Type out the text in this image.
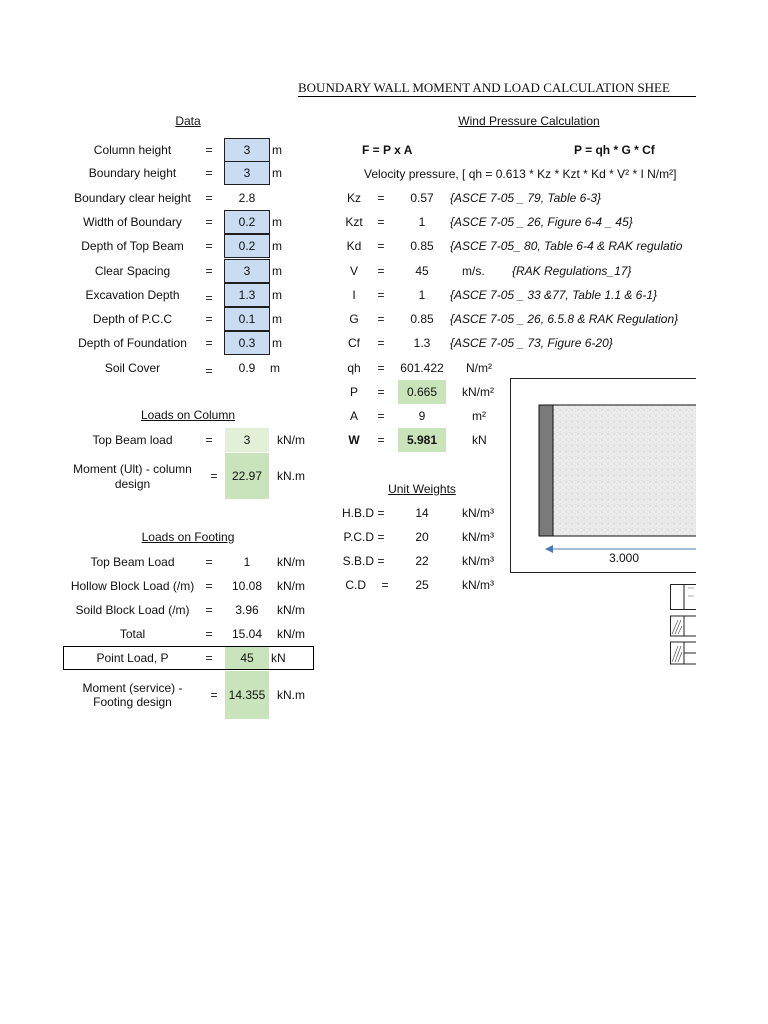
BOUNDARY WALL MOMENT AND LOAD CALCULATION SHEE
Data
Column height	=	3	m
Boundary height	=	3	m
Boundary clear height	=	2.8
Width of Boundary	=	0.2	m
Depth of Top Beam	=	0.2	m
Clear Spacing	=	3	m
Excavation Depth	=	1.3	m
Depth of P.C.C	=	0.1	m
Depth of Foundation	=	0.3	m
Soil Cover	=	0.9	m
Loads on Column
Top Beam load	=	3	kN/m
Moment (Ult) - column
design
=	22.97	kN.m
Loads on Footing
Top Beam Load	=	1	kN/m
Hollow Block Load (/m) =	10.08	kN/m
Soild Block Load (/m)	=	3.96	kN/m
Total	=	15.04	kN/m
Point Load, P	=	45	kN
Moment (service) -
Footing design	= 14.355 kN.m
Wind Pressure Calculation
F = P x A	P = qh * G * Cf
Velocity pressure, [ qh = 0.613 * Kz * Kzt * Kd * V² * I N/m²]
Kz	=	0.57	{ASCE 7-05 _ 79, Table 6-3}
Kzt	=	1	{ASCE 7-05 _ 26, Figure 6-4 _ 45}
Kd	=	0.85	{ASCE 7-05_ 80, Table 6-4 & RAK regulatio
V	=	45	m/s. {RAK Regulations_17}
I	=	1	{ASCE 7-05 _ 33 &77, Table 1.1 & 6-1}
G	=	0.85	{ASCE 7-05 _ 26, 6.5.8 & RAK Regulation}
Cf	=	1.3	{ASCE 7-05 _ 73, Figure 6-20}
qh	=	601.422	N/m²
P	=	0.665	kN/m²
A	=	9	m²
W	=	5.981	kN
Unit Weights
H.B.D =	14	kN/m³
P.C.D =	20	kN/m³
S.B.D =	22	kN/m³
C.D	=	25	kN/m³
3.000
